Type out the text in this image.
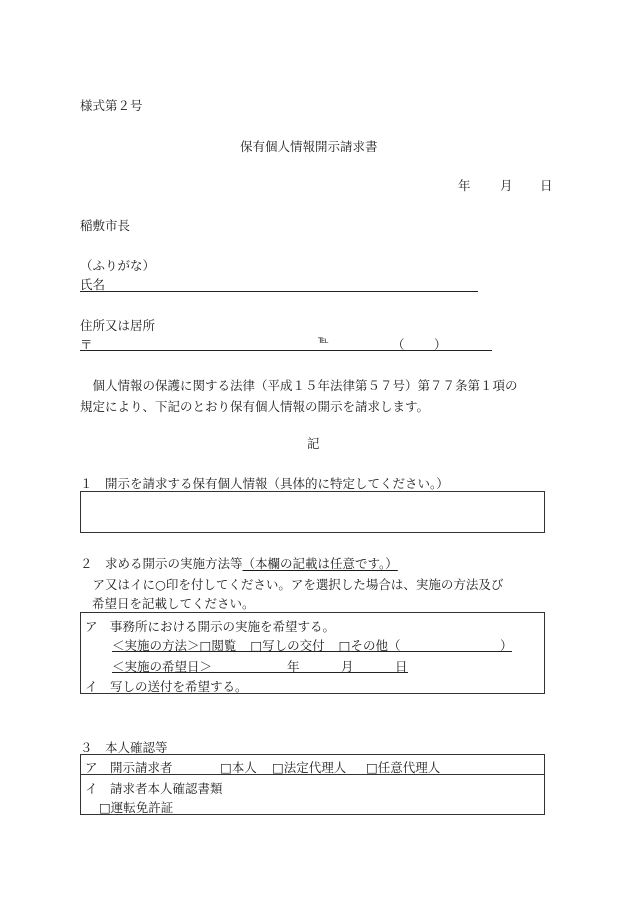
様式第２号
保有個人情報開示請求書
年 月 日
稲敷市長
（ふりがな）
氏名
住所又は居所
〒	℡	（ ）
　個人情報の保護に関する法律（平成１５年法律第５７号）第７７条第１項の
規定により、下記のとおり保有個人情報の開示を請求します。
記
１　開示を請求する保有個人情報（具体的に特定してください。）
２　求める開示の実施方法等（本欄の記載は任意です。）
　ア又はイに○印を付してください。アを選択した場合は、実施の方法及び
希望日を記載してください。
ア　事務所における開示の実施を希望する。
＜実施の方法＞□閲覧 □写しの交付 □その他（	）
＜実施の希望日＞	年	月	日
イ　写しの送付を希望する。
３　本人確認等
ア　開示請求者	□本人 □法定代理人 □任意代理人
イ　請求者本人確認書類
□運転免許証
